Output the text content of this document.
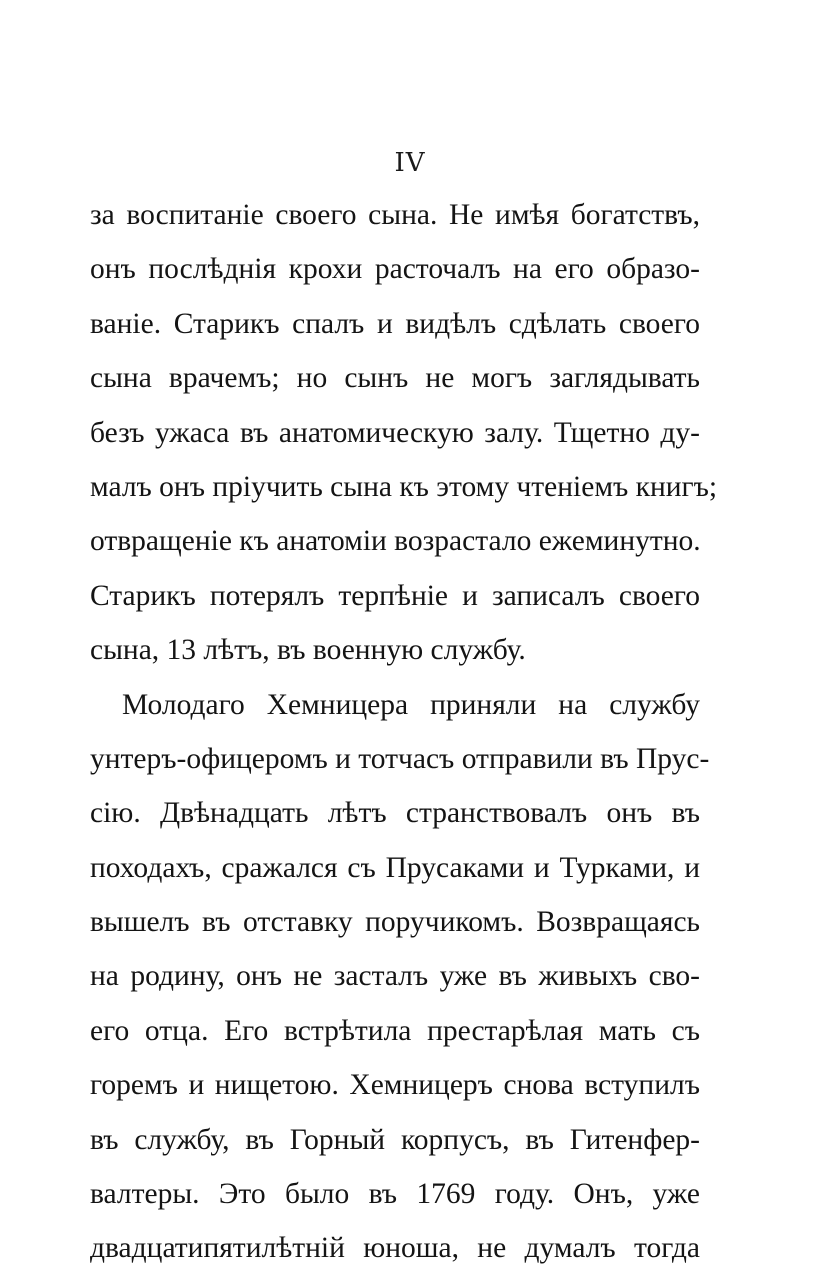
IV
за воспитаніе своего сына. Не имѣя богатствъ,
онъ послѣднія крохи расточалъ на его образо-
ваніе. Старикъ спалъ и видѣлъ сдѣлать своего
сына врачемъ; но сынъ не могъ заглядывать
безъ ужаса въ анатомическую залу. Тщетно ду-
малъ онъ пріучить сына къ этому чтеніемъ книгъ;
отвращеніе къ анатоміи возрастало ежеминутно.
Старикъ потерялъ терпѣніе и записалъ своего
сына, 13 лѣтъ, въ военную службу.
Молодаго Хемницера приняли на службу
унтеръ-офицеромъ и тотчасъ отправили въ Прус-
сію. Двѣнадцать лѣтъ странствовалъ онъ въ
походахъ, сражался съ Прусаками и Турками, и
вышелъ въ отставку поручикомъ. Возвращаясь
на родину, онъ не засталъ уже въ живыхъ сво-
его отца. Его встрѣтила престарѣлая мать съ
горемъ и нищетою. Хемницеръ снова вступилъ
въ службу, въ Горный корпусъ, въ Гитенфер-
валтеры. Это было въ 1769 году. Онъ, уже
двадцатипятилѣтній юноша, не думалъ тогда
